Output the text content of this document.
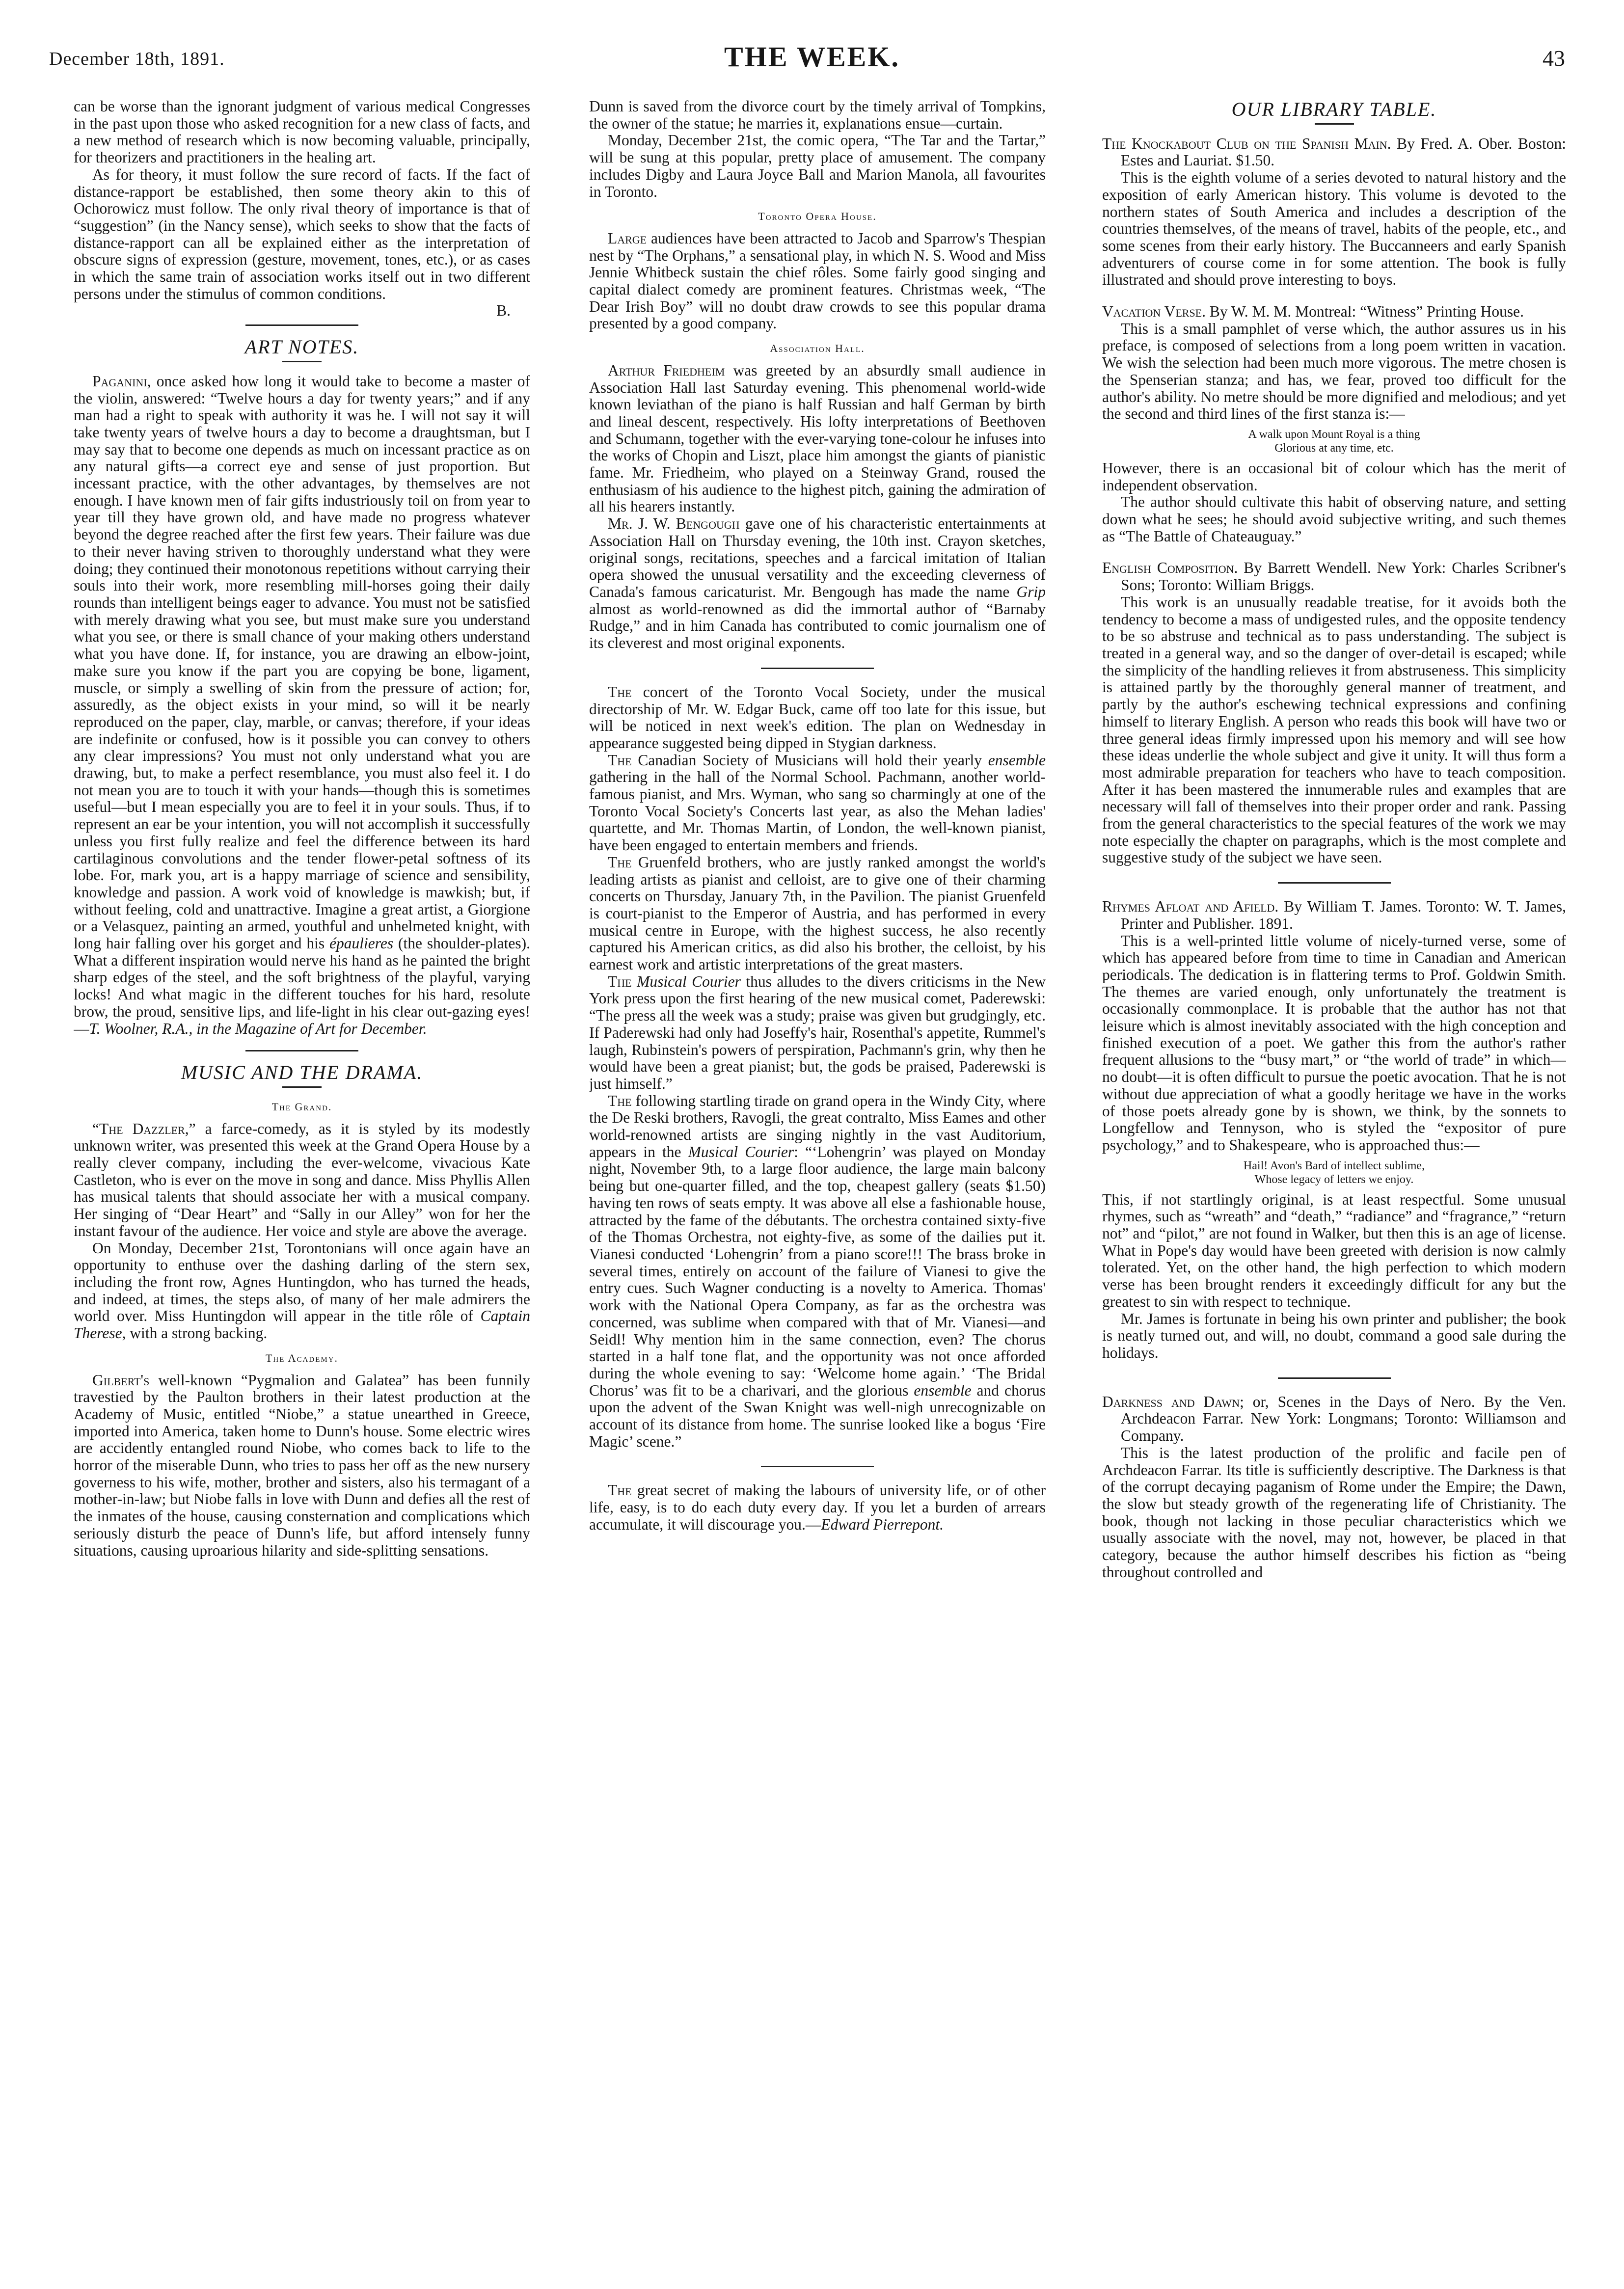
December 18th, 1891.	THE WEEK.	43

can be worse than the ignorant judgment of various medical Congresses in the past upon those who asked recognition for a new class of facts, and a new method of research which is now becoming valuable, principally, for theorizers and practitioners in the healing art.

As for theory, it must follow the sure record of facts. If the fact of distance-rapport be established, then some theory akin to this of Ochorowicz must follow. The only rival theory of importance is that of “suggestion” (in the Nancy sense), which seeks to show that the facts of distance-rapport can all be explained either as the interpretation of obscure signs of expression (gesture, movement, tones, etc.), or as cases in which the same train of association works itself out in two different persons under the stimulus of common conditions.

B.

ART NOTES.

Paganini, once asked how long it would take to become a master of the violin, answered: “Twelve hours a day for twenty years;” and if any man had a right to speak with authority it was he. I will not say it will take twenty years of twelve hours a day to become a draughtsman, but I may say that to become one depends as much on incessant practice as on any natural gifts—a correct eye and sense of just proportion. But incessant practice, with the other advantages, by themselves are not enough. I have known men of fair gifts industriously toil on from year to year till they have grown old, and have made no progress whatever beyond the degree reached after the first few years. Their failure was due to their never having striven to thoroughly understand what they were doing; they continued their monotonous repetitions without carrying their souls into their work, more resembling mill-horses going their daily rounds than intelligent beings eager to advance. You must not be satisfied with merely drawing what you see, but must make sure you understand what you see, or there is small chance of your making others understand what you have done. If, for instance, you are drawing an elbow-joint, make sure you know if the part you are copying be bone, ligament, muscle, or simply a swelling of skin from the pressure of action; for, assuredly, as the object exists in your mind, so will it be nearly reproduced on the paper, clay, marble, or canvas; therefore, if your ideas are indefinite or confused, how is it possible you can convey to others any clear impressions? You must not only understand what you are drawing, but, to make a perfect resemblance, you must also feel it. I do not mean you are to touch it with your hands—though this is sometimes useful—but I mean especially you are to feel it in your souls. Thus, if to represent an ear be your intention, you will not accomplish it successfully unless you first fully realize and feel the difference between its hard cartilaginous convolutions and the tender flower-petal softness of its lobe. For, mark you, art is a happy marriage of science and sensibility, knowledge and passion. A work void of knowledge is mawkish; but, if without feeling, cold and unattractive. Imagine a great artist, a Giorgione or a Velasquez, painting an armed, youthful and unhelmeted knight, with long hair falling over his gorget and his épaulieres (the shoulder-plates). What a different inspiration would nerve his hand as he painted the bright sharp edges of the steel, and the soft brightness of the playful, varying locks! And what magic in the different touches for his hard, resolute brow, the proud, sensitive lips, and life-light in his clear out-gazing eyes!—T. Woolner, R.A., in the Magazine of Art for December.

MUSIC AND THE DRAMA.
The Grand.

“The Dazzler,” a farce-comedy, as it is styled by its modestly unknown writer, was presented this week at the Grand Opera House by a really clever company, including the ever-welcome, vivacious Kate Castleton, who is ever on the move in song and dance. Miss Phyllis Allen has musical talents that should associate her with a musical company. Her singing of “Dear Heart” and “Sally in our Alley” won for her the instant favour of the audience. Her voice and style are above the average.

On Monday, December 21st, Torontonians will once again have an opportunity to enthuse over the dashing darling of the stern sex, including the front row, Agnes Huntingdon, who has turned the heads, and indeed, at times, the steps also, of many of her male admirers the world over. Miss Huntingdon will appear in the title rôle of Captain Therese, with a strong backing.

The Academy.

Gilbert's well-known “Pygmalion and Galatea” has been funnily travestied by the Paulton brothers in their latest production at the Academy of Music, entitled “Niobe,” a statue unearthed in Greece, imported into America, taken home to Dunn's house. Some electric wires are accidently entangled round Niobe, who comes back to life to the horror of the miserable Dunn, who tries to pass her off as the new nursery governess to his wife, mother, brother and sisters, also his termagant of a mother-in-law; but Niobe falls in love with Dunn and defies all the rest of the inmates of the house, causing consternation and complications which seriously disturb the peace of Dunn's life, but afford intensely funny situations, causing uproarious hilarity and side-splitting sensations.

Dunn is saved from the divorce court by the timely arrival of Tompkins, the owner of the statue; he marries it, explanations ensue—curtain.

Monday, December 21st, the comic opera, “The Tar and the Tartar,” will be sung at this popular, pretty place of amusement. The company includes Digby and Laura Joyce Ball and Marion Manola, all favourites in Toronto.

Toronto Opera House.

Large audiences have been attracted to Jacob and Sparrow's Thespian nest by “The Orphans,” a sensational play, in which N. S. Wood and Miss Jennie Whitbeck sustain the chief rôles. Some fairly good singing and capital dialect comedy are prominent features. Christmas week, “The Dear Irish Boy” will no doubt draw crowds to see this popular drama presented by a good company.

Association Hall.

Arthur Friedheim was greeted by an absurdly small audience in Association Hall last Saturday evening. This phenomenal world-wide known leviathan of the piano is half Russian and half German by birth and lineal descent, respectively. His lofty interpretations of Beethoven and Schumann, together with the ever-varying tone-colour he infuses into the works of Chopin and Liszt, place him amongst the giants of pianistic fame. Mr. Friedheim, who played on a Steinway Grand, roused the enthusiasm of his audience to the highest pitch, gaining the admiration of all his hearers instantly.

Mr. J. W. Bengough gave one of his characteristic entertainments at Association Hall on Thursday evening, the 10th inst. Crayon sketches, original songs, recitations, speeches and a farcical imitation of Italian opera showed the unusual versatility and the exceeding cleverness of Canada's famous caricaturist. Mr. Bengough has made the name Grip almost as world-renowned as did the immortal author of “Barnaby Rudge,” and in him Canada has contributed to comic journalism one of its cleverest and most original exponents.

The concert of the Toronto Vocal Society, under the musical directorship of Mr. W. Edgar Buck, came off too late for this issue, but will be noticed in next week's edition. The plan on Wednesday in appearance suggested being dipped in Stygian darkness.

The Canadian Society of Musicians will hold their yearly ensemble gathering in the hall of the Normal School. Pachmann, another world-famous pianist, and Mrs. Wyman, who sang so charmingly at one of the Toronto Vocal Society's Concerts last year, as also the Mehan ladies' quartette, and Mr. Thomas Martin, of London, the well-known pianist, have been engaged to entertain members and friends.

The Gruenfeld brothers, who are justly ranked amongst the world's leading artists as pianist and celloist, are to give one of their charming concerts on Thursday, January 7th, in the Pavilion. The pianist Gruenfeld is court-pianist to the Emperor of Austria, and has performed in every musical centre in Europe, with the highest success, he also recently captured his American critics, as did also his brother, the celloist, by his earnest work and artistic interpretations of the great masters.

The Musical Courier thus alludes to the divers criticisms in the New York press upon the first hearing of the new musical comet, Paderewski: “The press all the week was a study; praise was given but grudgingly, etc. If Paderewski had only had Joseffy's hair, Rosenthal's appetite, Rummel's laugh, Rubinstein's powers of perspiration, Pachmann's grin, why then he would have been a great pianist; but, the gods be praised, Paderewski is just himself.”

The following startling tirade on grand opera in the Windy City, where the De Reski brothers, Ravogli, the great contralto, Miss Eames and other world-renowned artists are singing nightly in the vast Auditorium, appears in the Musical Courier: “‘Lohengrin’ was played on Monday night, November 9th, to a large floor audience, the large main balcony being but one-quarter filled, and the top, cheapest gallery (seats $1.50) having ten rows of seats empty. It was above all else a fashionable house, attracted by the fame of the débutants. The orchestra contained sixty-five of the Thomas Orchestra, not eighty-five, as some of the dailies put it. Vianesi conducted ‘Lohengrin’ from a piano score!!! The brass broke in several times, entirely on account of the failure of Vianesi to give the entry cues. Such Wagner conducting is a novelty to America. Thomas' work with the National Opera Company, as far as the orchestra was concerned, was sublime when compared with that of Mr. Vianesi—and Seidl! Why mention him in the same connection, even? The chorus started in a half tone flat, and the opportunity was not once afforded during the whole evening to say: ‘Welcome home again.’ ‘The Bridal Chorus’ was fit to be a charivari, and the glorious ensemble and chorus upon the advent of the Swan Knight was well-nigh unrecognizable on account of its distance from home. The sunrise looked like a bogus ‘Fire Magic’ scene.”

The great secret of making the labours of university life, or of other life, easy, is to do each duty every day. If you let a burden of arrears accumulate, it will discourage you.—Edward Pierrepont.

OUR LIBRARY TABLE.

The Knockabout Club on the Spanish Main. By Fred. A. Ober. Boston: Estes and Lauriat. $1.50.

This is the eighth volume of a series devoted to natural history and the exposition of early American history. This volume is devoted to the northern states of South America and includes a description of the countries themselves, of the means of travel, habits of the people, etc., and some scenes from their early history. The Buccanneers and early Spanish adventurers of course come in for some attention. The book is fully illustrated and should prove interesting to boys.

Vacation Verse. By W. M. M. Montreal: “Witness” Printing House.

This is a small pamphlet of verse which, the author assures us in his preface, is composed of selections from a long poem written in vacation. We wish the selection had been much more vigorous. The metre chosen is the Spenserian stanza; and has, we fear, proved too difficult for the author's ability. No metre should be more dignified and melodious; and yet the second and third lines of the first stanza is:—

A walk upon Mount Royal is a thing
Glorious at any time, etc.

However, there is an occasional bit of colour which has the merit of independent observation.

The author should cultivate this habit of observing nature, and setting down what he sees; he should avoid subjective writing, and such themes as “The Battle of Chateauguay.”

English Composition. By Barrett Wendell. New York: Charles Scribner's Sons; Toronto: William Briggs.

This work is an unusually readable treatise, for it avoids both the tendency to become a mass of undigested rules, and the opposite tendency to be so abstruse and technical as to pass understanding. The subject is treated in a general way, and so the danger of over-detail is escaped; while the simplicity of the handling relieves it from abstruseness. This simplicity is attained partly by the thoroughly general manner of treatment, and partly by the author's eschewing technical expressions and confining himself to literary English. A person who reads this book will have two or three general ideas firmly impressed upon his memory and will see how these ideas underlie the whole subject and give it unity. It will thus form a most admirable preparation for teachers who have to teach composition. After it has been mastered the innumerable rules and examples that are necessary will fall of themselves into their proper order and rank. Passing from the general characteristics to the special features of the work we may note especially the chapter on paragraphs, which is the most complete and suggestive study of the subject we have seen.

Rhymes Afloat and Afield. By William T. James. Toronto: W. T. James, Printer and Publisher. 1891.

This is a well-printed little volume of nicely-turned verse, some of which has appeared before from time to time in Canadian and American periodicals. The dedication is in flattering terms to Prof. Goldwin Smith. The themes are varied enough, only unfortunately the treatment is occasionally commonplace. It is probable that the author has not that leisure which is almost inevitably associated with the high conception and finished execution of a poet. We gather this from the author's rather frequent allusions to the “busy mart,” or “the world of trade” in which—no doubt—it is often difficult to pursue the poetic avocation. That he is not without due appreciation of what a goodly heritage we have in the works of those poets already gone by is shown, we think, by the sonnets to Longfellow and Tennyson, who is styled the “expositor of pure psychology,” and to Shakespeare, who is approached thus:—

Hail! Avon's Bard of intellect sublime,
Whose legacy of letters we enjoy.

This, if not startlingly original, is at least respectful. Some unusual rhymes, such as “wreath” and “death,” “radiance” and “fragrance,” “return not” and “pilot,” are not found in Walker, but then this is an age of license. What in Pope's day would have been greeted with derision is now calmly tolerated. Yet, on the other hand, the high perfection to which modern verse has been brought renders it exceedingly difficult for any but the greatest to sin with respect to technique.

Mr. James is fortunate in being his own printer and publisher; the book is neatly turned out, and will, no doubt, command a good sale during the holidays.

Darkness and Dawn; or, Scenes in the Days of Nero. By the Ven. Archdeacon Farrar. New York: Longmans; Toronto: Williamson and Company.

This is the latest production of the prolific and facile pen of Archdeacon Farrar. Its title is sufficiently descriptive. The Darkness is that of the corrupt decaying paganism of Rome under the Empire; the Dawn, the slow but steady growth of the regenerating life of Christianity. The book, though not lacking in those peculiar characteristics which we usually associate with the novel, may not, however, be placed in that category, because the author himself describes his fiction as “being throughout controlled and
